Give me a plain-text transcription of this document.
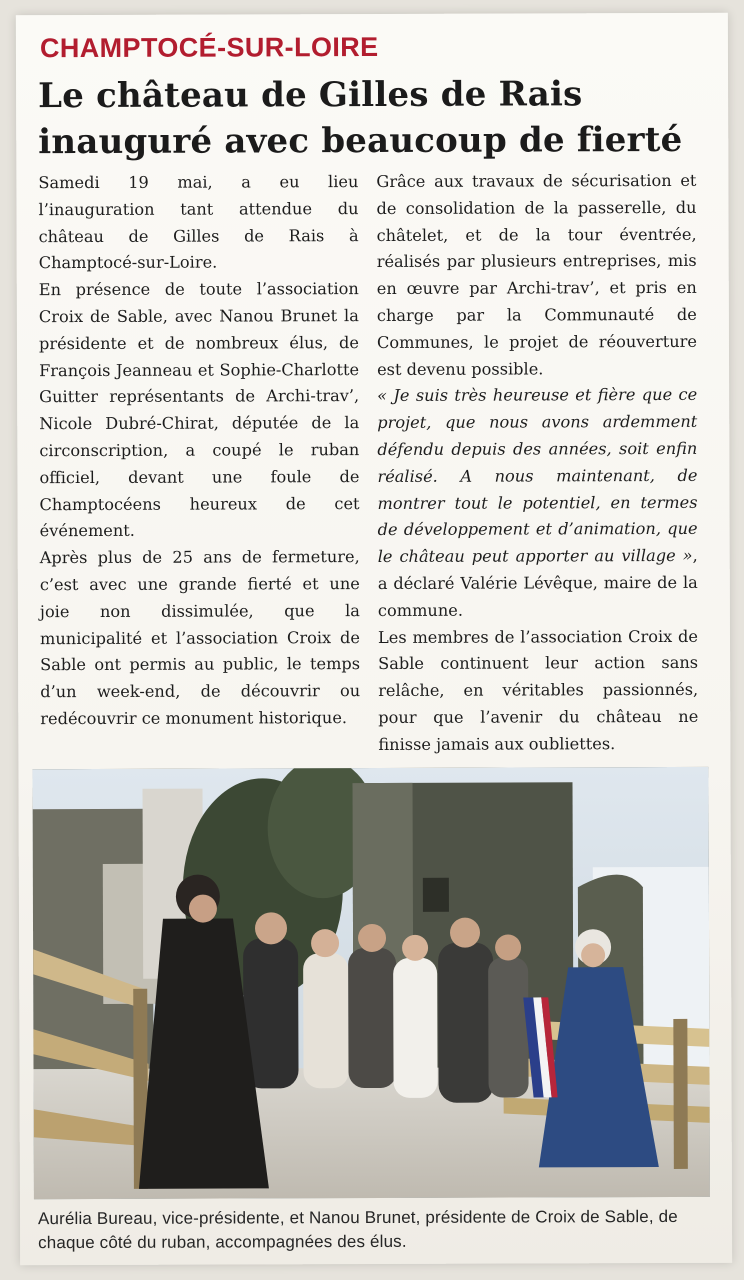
CHAMPTOCÉ-SUR-LOIRE
Le château de Gilles de Rais
inauguré avec beaucoup de fierté

Samedi 19 mai, a eu lieu l’inauguration tant attendue du château de Gilles de Rais à Champtocé-sur-Loire.

En présence de toute l’association Croix de Sable, avec Nanou Brunet la présidente et de nombreux élus, de François Jeanneau et Sophie-Charlotte Guitter représentants de Archi-trav’, Nicole Dubré-Chirat, députée de la circonscription, a coupé le ruban officiel, devant une foule de Champtocéens heureux de cet événement.

Après plus de 25 ans de fermeture, c’est avec une grande fierté et une joie non dissimulée, que la municipalité et l’association Croix de Sable ont permis au public, le temps d’un week-end, de découvrir ou redécouvrir ce monument historique.

Grâce aux travaux de sécurisation et de consolidation de la passerelle, du châtelet, et de la tour éventrée, réalisés par plusieurs entreprises, mis en œuvre par Archi-trav’, et pris en charge par la Communauté de Communes, le projet de réouverture est devenu possible.

« Je suis très heureuse et fière que ce projet, que nous avons ardemment défendu depuis des années, soit enfin réalisé. A nous maintenant, de montrer tout le potentiel, en termes de développement et d’animation, que le château peut apporter au village », a déclaré Valérie Lévêque, maire de la commune.

Les membres de l’association Croix de Sable continuent leur action sans relâche, en véritables passionnés, pour que l’avenir du château ne finisse jamais aux oubliettes.

Aurélia Bureau, vice-présidente, et Nanou Brunet, présidente de Croix de Sable, de chaque côté du ruban, accompagnées des élus.
